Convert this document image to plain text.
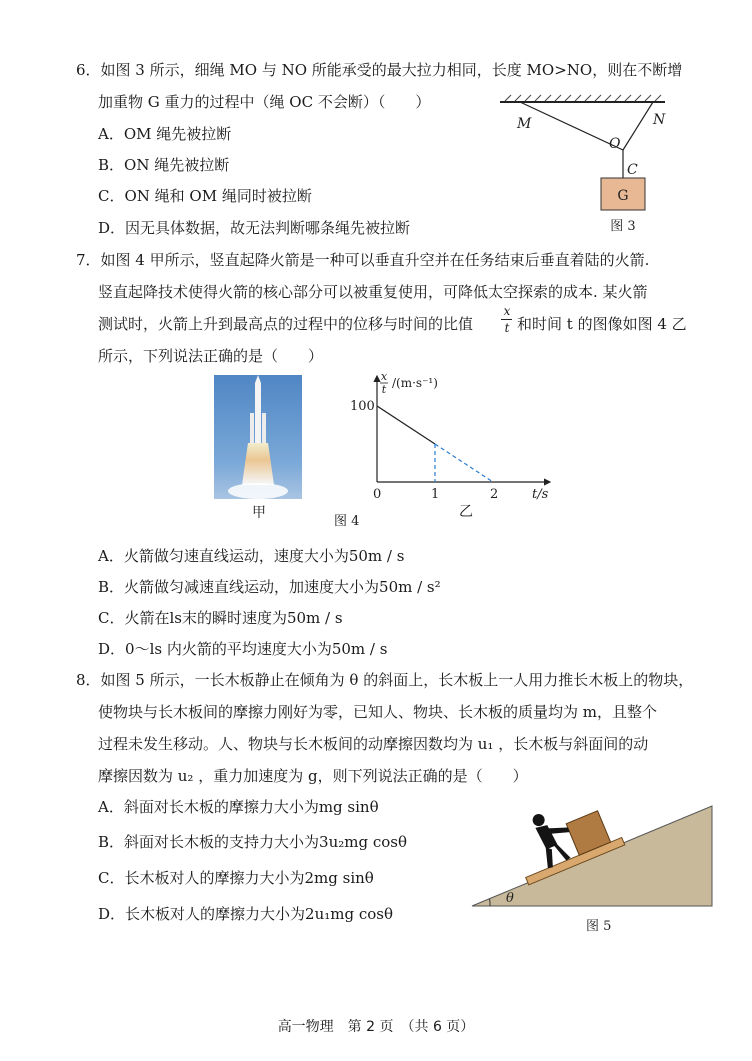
6．如图 3 所示，细绳 MO 与 NO 所能承受的最大拉力相同，长度 MO>NO，则在不断增
加重物 G 重力的过程中（绳 OC 不会断）（　　）
A．OM 绳先被拉断
B．ON 绳先被拉断
C．ON 绳和 OM 绳同时被拉断
D．因无具体数据，故无法判断哪条绳先被拉断
G
M	N
O
C
图 3
7．如图 4 甲所示，竖直起降火箭是一种可以垂直升空并在任务结束后垂直着陆的火箭.
竖直起降技术使得火箭的核心部分可以被重复使用，可降低太空探索的成本. 某火箭
测试时，火箭上升到最高点的过程中的位移与时间的比值
x
t 和时间 t 的图像如图 4 乙
所示，下列说法正确的是（　　）
甲
图 4
x
t /(m·s⁻¹)
100
0	1	2	t/s
乙
A．火箭做匀速直线运动，速度大小为50m / s
B．火箭做匀减速直线运动，加速度大小为50m / s²
C．火箭在ls末的瞬时速度为50m / s
D．0～ls 内火箭的平均速度大小为50m / s
8．如图 5 所示，一长木板静止在倾角为 θ 的斜面上，长木板上一人用力推长木板上的物块，
使物块与长木板间的摩擦力刚好为零，已知人、物块、长木板的质量均为 m，且整个
过程未发生移动。人、物块与长木板间的动摩擦因数均为 u₁ ，长木板与斜面间的动
摩擦因数为 u₂ ，重力加速度为 g，则下列说法正确的是（　　）
A．斜面对长木板的摩擦力大小为mg sinθ
B．斜面对长木板的支持力大小为3u₂mg cosθ
C．长木板对人的摩擦力大小为2mg sinθ
D．长木板对人的摩擦力大小为2u₁mg cosθ
θ
图 5
高一物理　第 2 页　（共 6 页）
